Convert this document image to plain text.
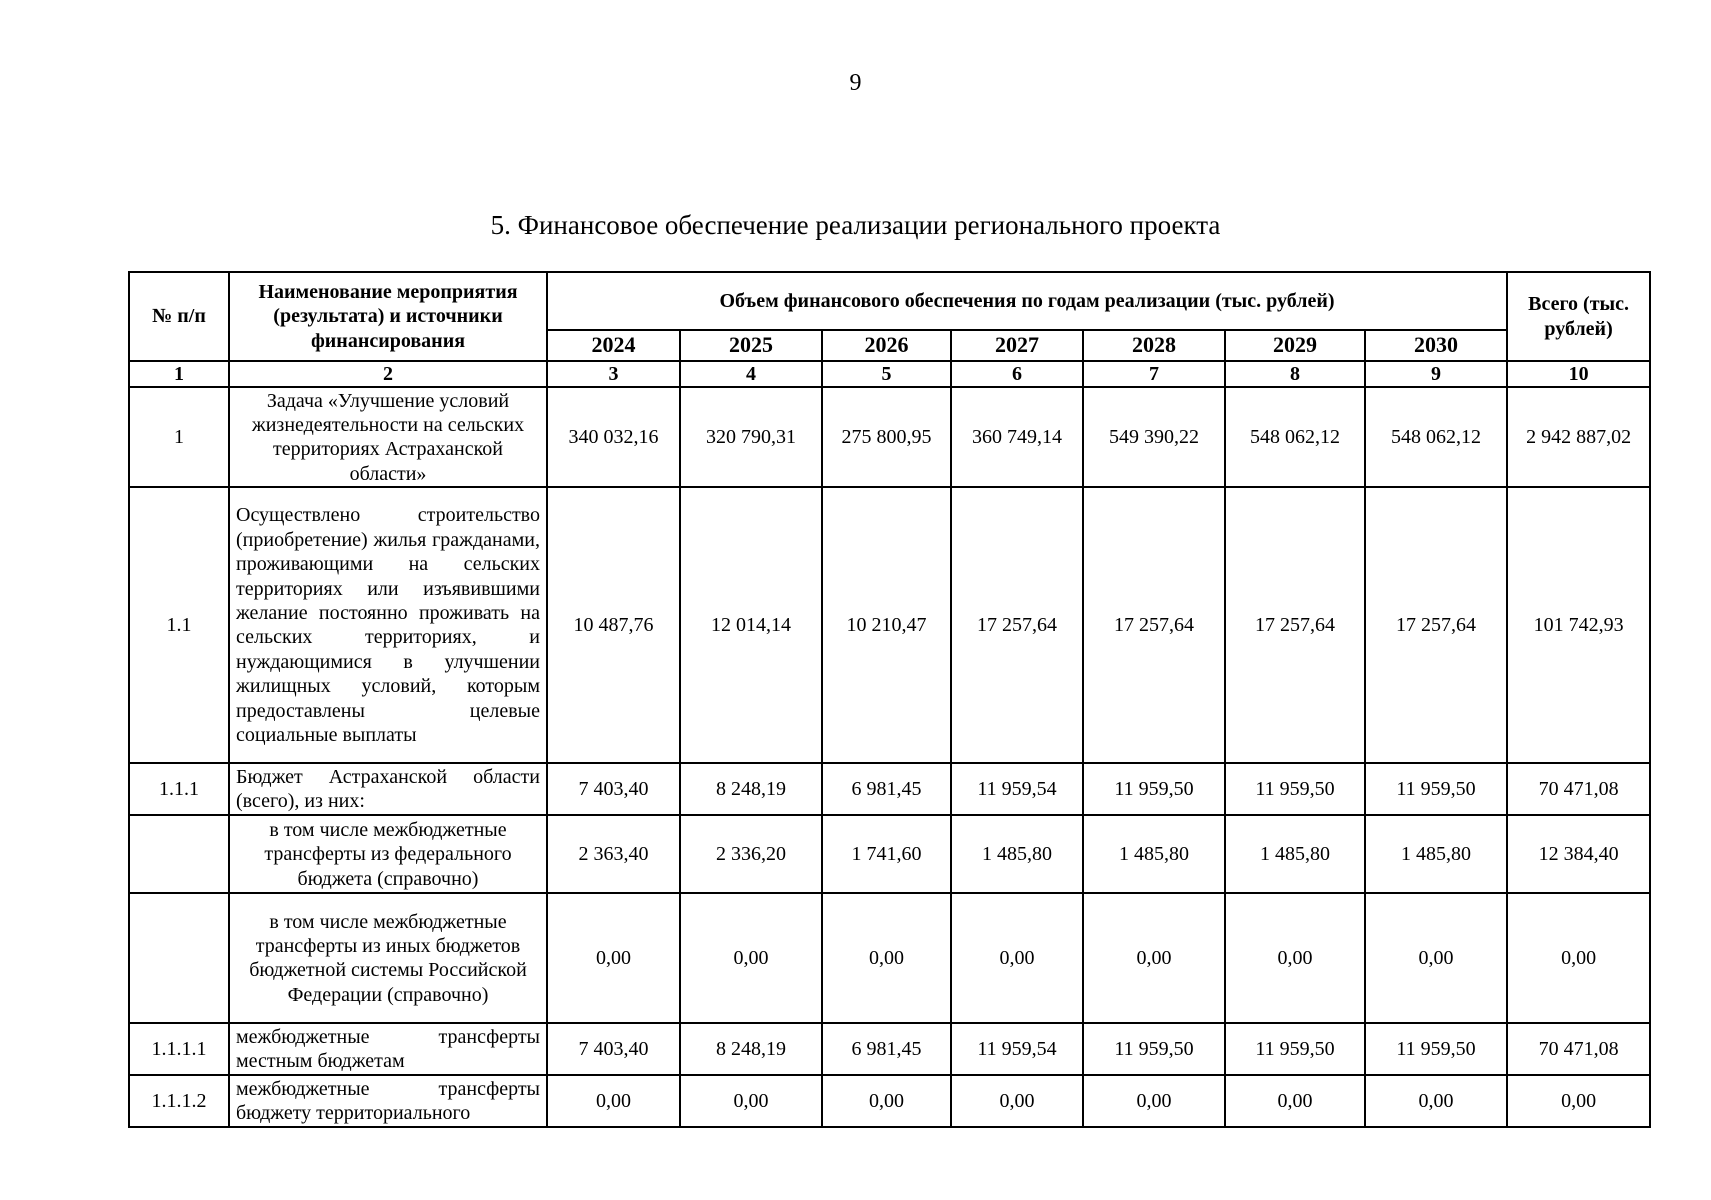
9
5. Финансовое обеспечение реализации регионального проекта
№ п/п	Наименование мероприятия (результата) и источники финансирования	Объем финансового обеспечения по годам реализации (тыс. рублей)							Всего (тыс. рублей)
		2024	2025	2026	2027	2028	2029	2030	
1	2	3	4	5	6	7	8	9	10
1	Задача «Улучшение условий жизнедеятельности на сельских территориях Астраханской области»	340 032,16	320 790,31	275 800,95	360 749,14	549 390,22	548 062,12	548 062,12	2 942 887,02
1.1	Осуществлено строительство (приобретение) жилья гражданами, проживающими на сельских территориях или изъявившими желание постоянно проживать на сельских территориях, и нуждающимися в улучшении жилищных условий, которым предоставлены целевые социальные выплаты	10 487,76	12 014,14	10 210,47	17 257,64	17 257,64	17 257,64	17 257,64	101 742,93
1.1.1	Бюджет Астраханской области (всего), из них:	7 403,40	8 248,19	6 981,45	11 959,54	11 959,50	11 959,50	11 959,50	70 471,08
	в том числе межбюджетные трансферты из федерального бюджета (справочно)	2 363,40	2 336,20	1 741,60	1 485,80	1 485,80	1 485,80	1 485,80	12 384,40
	в том числе межбюджетные трансферты из иных бюджетов бюджетной системы Российской Федерации (справочно)	0,00	0,00	0,00	0,00	0,00	0,00	0,00	0,00
1.1.1.1	межбюджетные трансферты местным бюджетам	7 403,40	8 248,19	6 981,45	11 959,54	11 959,50	11 959,50	11 959,50	70 471,08
1.1.1.2	межбюджетные трансферты бюджету территориального	0,00	0,00	0,00	0,00	0,00	0,00	0,00	0,00
